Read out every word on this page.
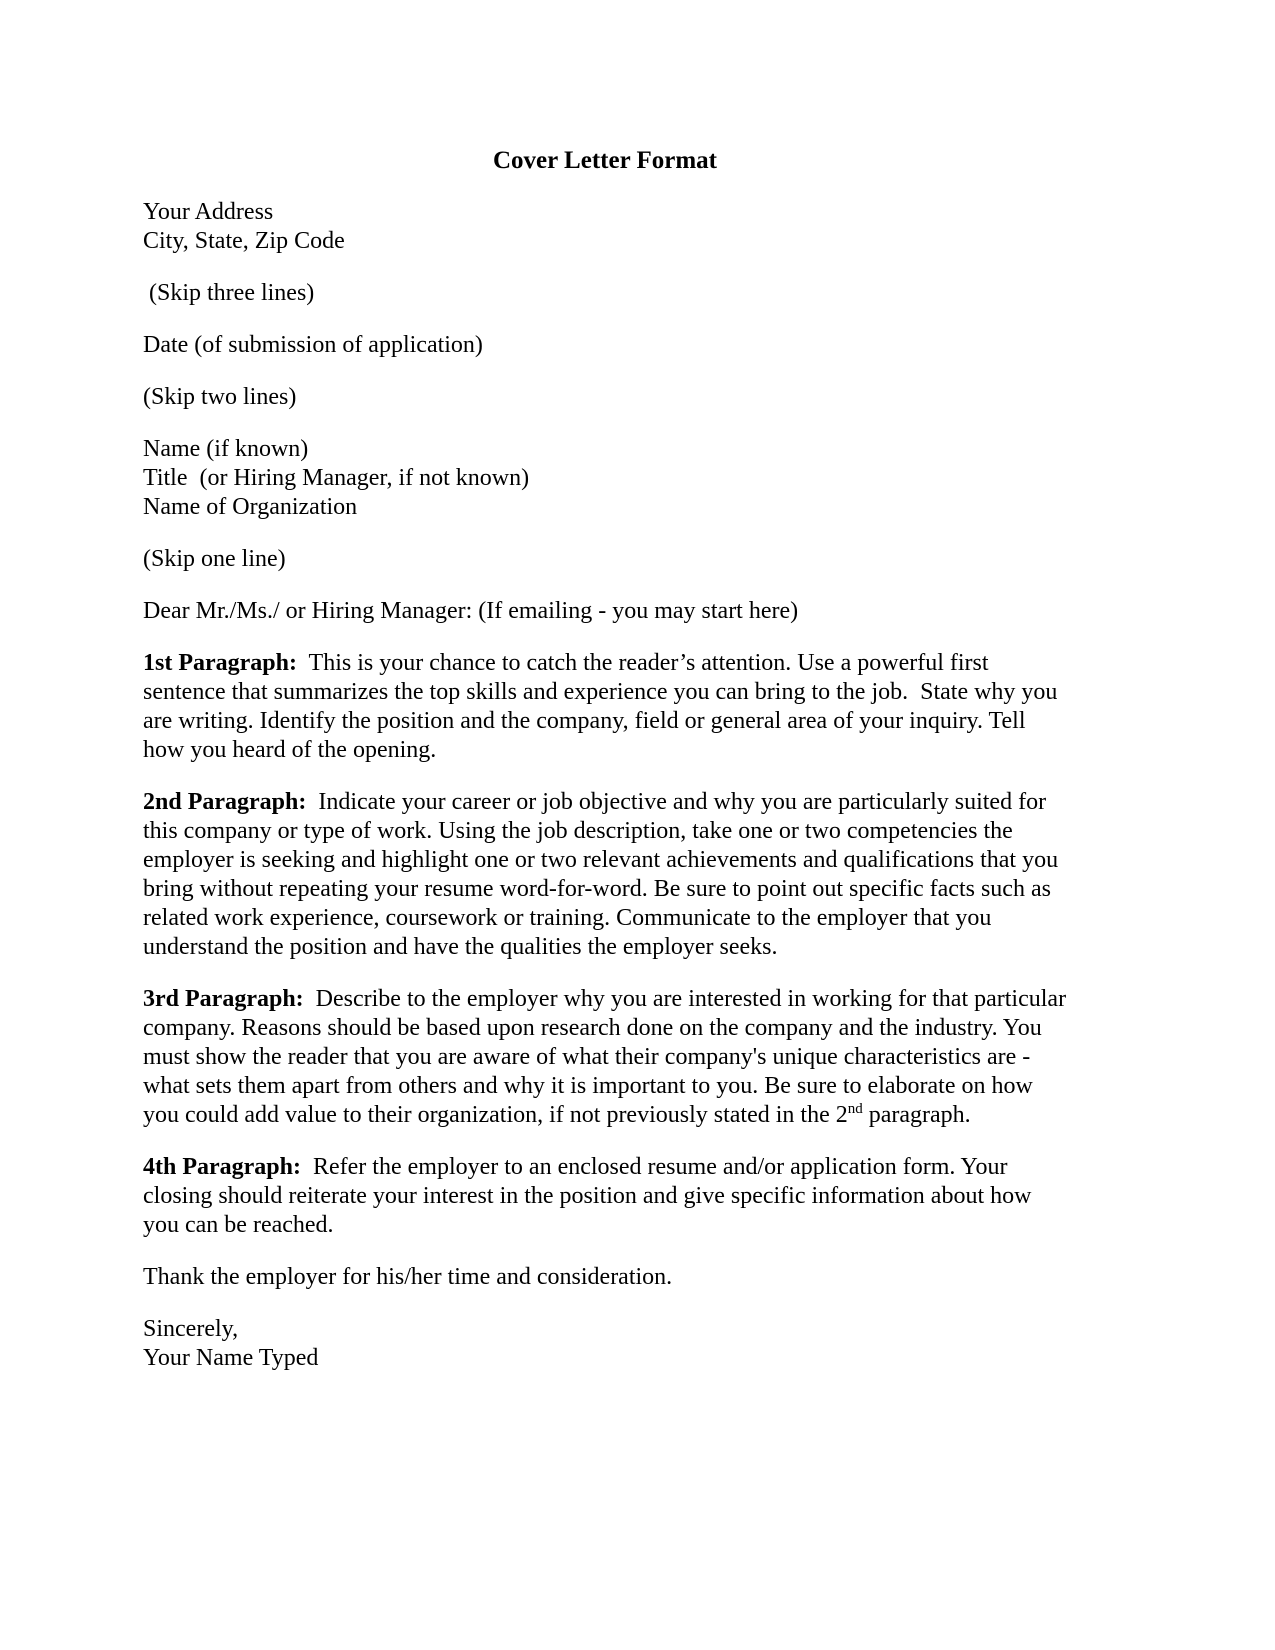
Cover Letter Format
Your Address
City, State, Zip Code
(Skip three lines)
Date (of submission of application)
(Skip two lines)
Name (if known)
Title  (or Hiring Manager, if not known)
Name of Organization
(Skip one line)
Dear Mr./Ms./ or Hiring Manager: (If emailing - you may start here)

1st Paragraph:  This is your chance to catch the reader’s attention. Use a powerful first sentence that summarizes the top skills and experience you can bring to the job.  State why you are writing. Identify the position and the company, field or general area of your inquiry. Tell how you heard of the opening.

2nd Paragraph:  Indicate your career or job objective and why you are particularly suited for this company or type of work. Using the job description, take one or two competencies the employer is seeking and highlight one or two relevant achievements and qualifications that you bring without repeating your resume word-for-word. Be sure to point out specific facts such as related work experience, coursework or training. Communicate to the employer that you understand the position and have the qualities the employer seeks.

3rd Paragraph:  Describe to the employer why you are interested in working for that particular company. Reasons should be based upon research done on the company and the industry. You must show the reader that you are aware of what their company's unique characteristics are - what sets them apart from others and why it is important to you. Be sure to elaborate on how you could add value to their organization, if not previously stated in the 2nd paragraph.

4th Paragraph:  Refer the employer to an enclosed resume and/or application form. Your closing should reiterate your interest in the position and give specific information about how you can be reached.

Thank the employer for his/her time and consideration.
Sincerely,
Your Name Typed
